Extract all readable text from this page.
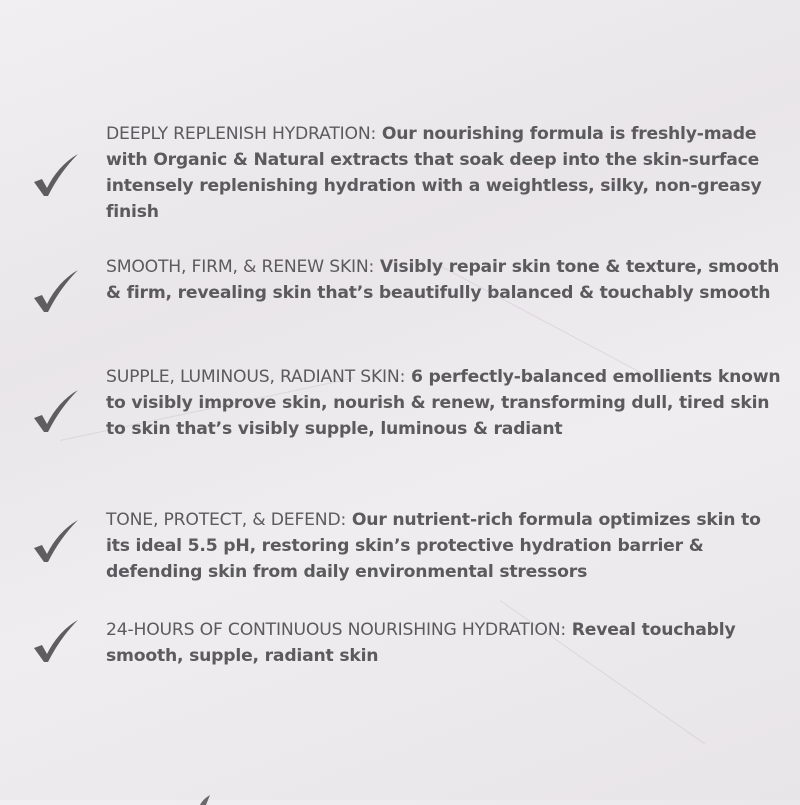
DEEPLY REPLENISH HYDRATION: Our nourishing formula is freshly-made with Organic & Natural extracts that soak deep into the skin-surface intensely replenishing hydration with a weightless, silky, non-greasy finish
SMOOTH, FIRM, & RENEW SKIN: Visibly repair skin tone & texture, smooth & firm, revealing skin that’s beautifully balanced & touchably smooth
SUPPLE, LUMINOUS, RADIANT SKIN: 6 perfectly-balanced emollients known to visibly improve skin, nourish & renew, transforming dull, tired skin to skin that’s visibly supple, luminous & radiant
TONE, PROTECT, & DEFEND: Our nutrient-rich formula optimizes skin to its ideal 5.5 pH, restoring skin’s protective hydration barrier & defending skin from daily environmental stressors
24-HOURS OF CONTINUOUS NOURISHING HYDRATION: Reveal touchably smooth, supple, radiant skin
